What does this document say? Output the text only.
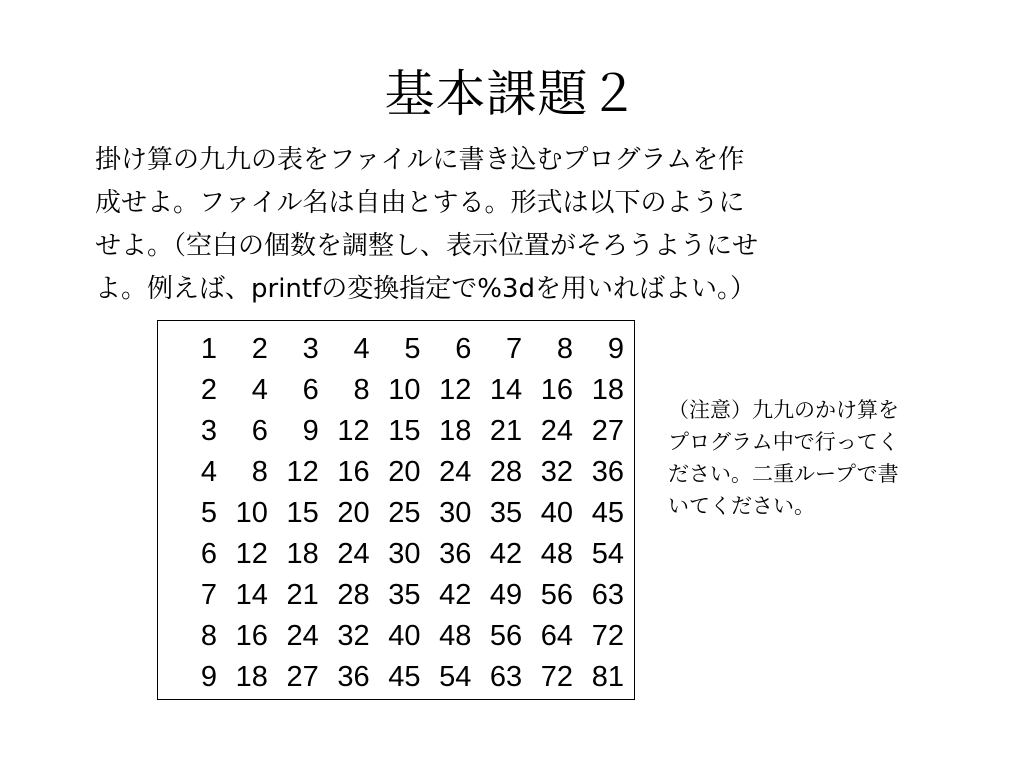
基本課題２
掛け算の九九の表をファイルに書き込むプログラムを作
成せよ。ファイル名は自由とする。形式は以下のように
せよ。（空白の個数を調整し、表示位置がそろうようにせ
よ。例えば、printfの変換指定で%3dを用いればよい。）
1	2	3	4	5	6	7	8	9
2	4	6	8	10	12	14	16	18
3	6	9	12	15	18	21	24	27
4	8	12	16	20	24	28	32	36
5	10	15	20	25	30	35	40	45
6	12	18	24	30	36	42	48	54
7	14	21	28	35	42	49	56	63
8	16	24	32	40	48	56	64	72
9	18	27	36	45	54	63	72	81
（注意）九九のかけ算を
プログラム中で行ってく
ださい。二重ループで書
いてください。
